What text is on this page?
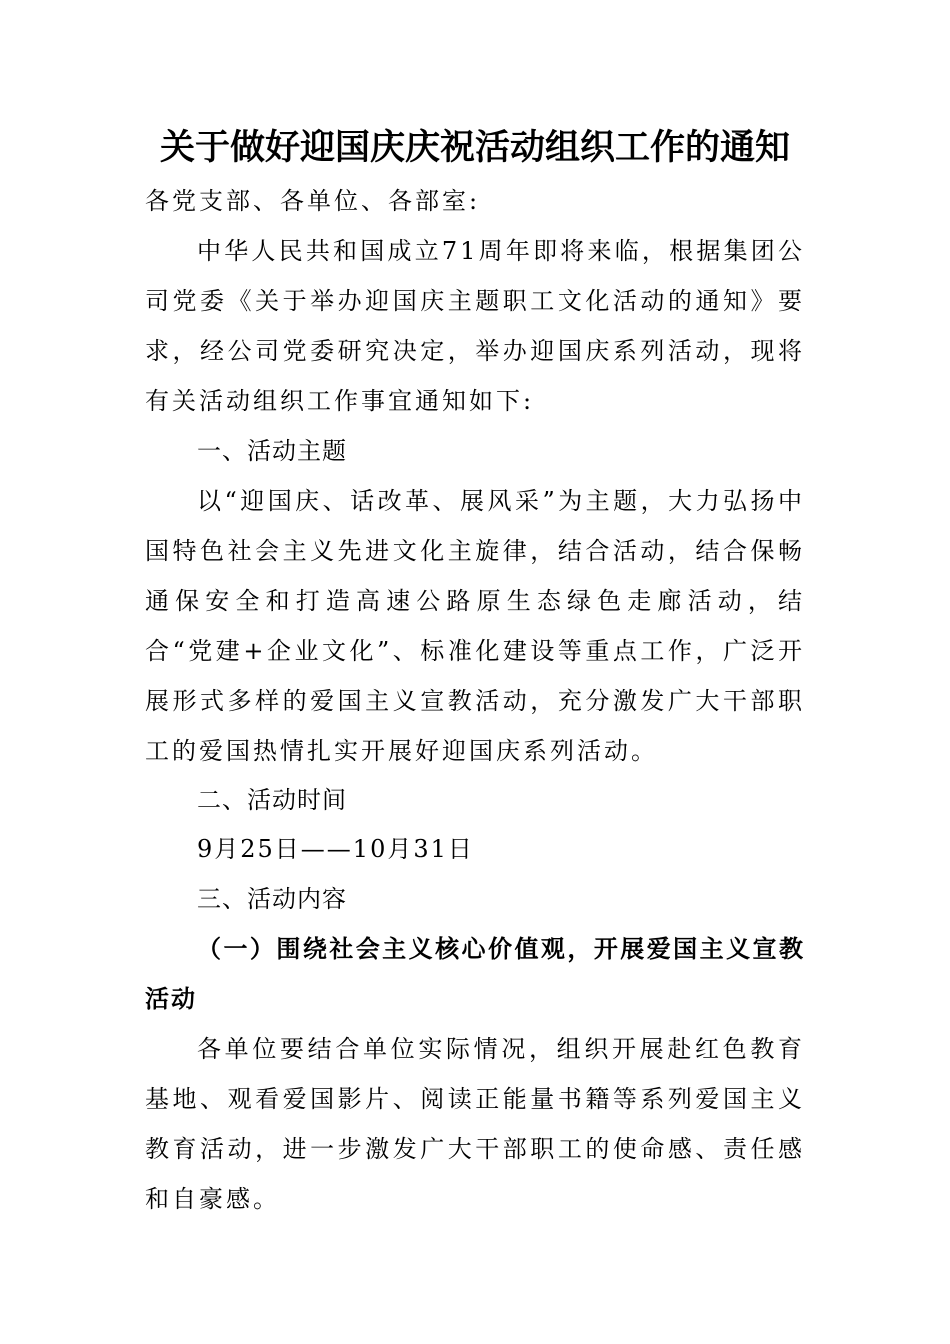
关于做好迎国庆庆祝活动组织工作的通知

各党支部、各单位、各部室:

中华人民共和国成立71周年即将来临，根据集团公司党委《关于举办迎国庆主题职工文化活动的通知》要求，经公司党委研究决定，举办迎国庆系列活动，现将有关活动组织工作事宜通知如下:

一、活动主题

以“迎国庆、话改革、展风采”为主题，大力弘扬中国特色社会主义先进文化主旋律，结合活动，结合保畅通保安全和打造高速公路原生态绿色走廊活动，结合“党建+企业文化”、标准化建设等重点工作，广泛开展形式多样的爱国主义宣教活动，充分激发广大干部职工的爱国热情扎实开展好迎国庆系列活动。

二、活动时间

9月25日——10月31日

三、活动内容

（一）围绕社会主义核心价值观，开展爱国主义宣教活动

各单位要结合单位实际情况，组织开展赴红色教育基地、观看爱国影片、阅读正能量书籍等系列爱国主义教育活动，进一步激发广大干部职工的使命感、责任感和自豪感。
